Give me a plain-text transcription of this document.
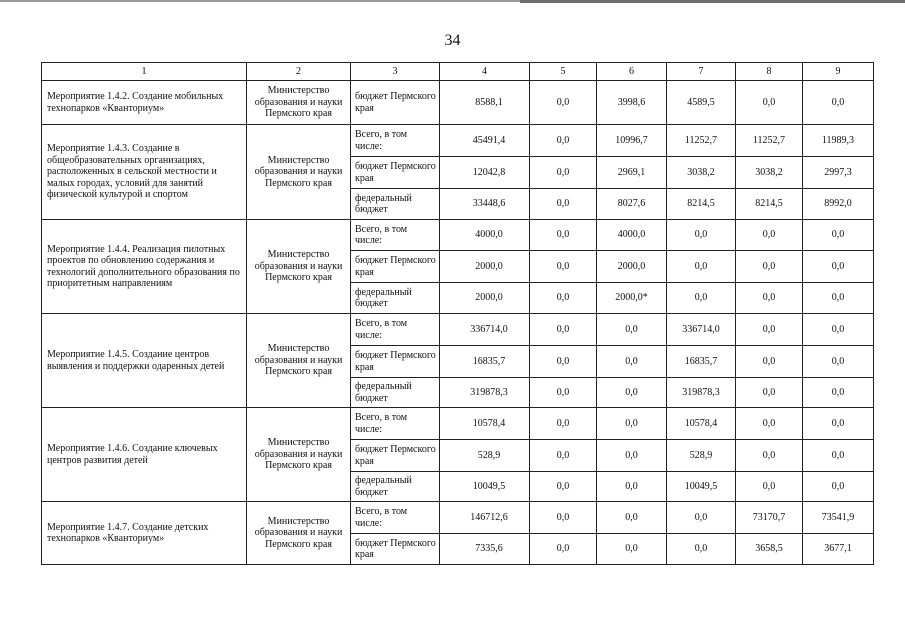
34
1	2	3	4	5	6	7	8	9
Мероприятие 1.4.2. Создание мобильных технопарков «Кванториум»	Министерство образования и науки Пермского края	бюджет Пермского края	8588,1	0,0	3998,6	4589,5	0,0	0,0
Мероприятие 1.4.3. Создание в общеобразовательных организациях, расположенных в сельской местности и малых городах, условий для занятий физической культурой и спортом	Министерство образования и науки Пермского края	Всего, в том числе:	45491,4	0,0	10996,7	11252,7	11252,7	11989,3
		бюджет Пермского края	12042,8	0,0	2969,1	3038,2	3038,2	2997,3
		федеральный бюджет	33448,6	0,0	8027,6	8214,5	8214,5	8992,0
Мероприятие 1.4.4. Реализация пилотных проектов по обновлению содержания и технологий дополнительного образования по приоритетным направлениям	Министерство образования и науки Пермского края	Всего, в том числе:	4000,0	0,0	4000,0	0,0	0,0	0,0
		бюджет Пермского края	2000,0	0,0	2000,0	0,0	0,0	0,0
		федеральный бюджет	2000,0	0,0	2000,0*	0,0	0,0	0,0
Мероприятие 1.4.5. Создание центров выявления и поддержки одаренных детей	Министерство образования и науки Пермского края	Всего, в том числе:	336714,0	0,0	0,0	336714,0	0,0	0,0
		бюджет Пермского края	16835,7	0,0	0,0	16835,7	0,0	0,0
		федеральный бюджет	319878,3	0,0	0,0	319878,3	0,0	0,0
Мероприятие 1.4.6. Создание ключевых центров развития детей	Министерство образования и науки Пермского края	Всего, в том числе:	10578,4	0,0	0,0	10578,4	0,0	0,0
		бюджет Пермского края	528,9	0,0	0,0	528,9	0,0	0,0
		федеральный бюджет	10049,5	0,0	0,0	10049,5	0,0	0,0
Мероприятие 1.4.7. Создание детских технопарков «Кванториум»	Министерство образования и науки Пермского края	Всего, в том числе:	146712,6	0,0	0,0	0,0	73170,7	73541,9
		бюджет Пермского края	7335,6	0,0	0,0	0,0	3658,5	3677,1
